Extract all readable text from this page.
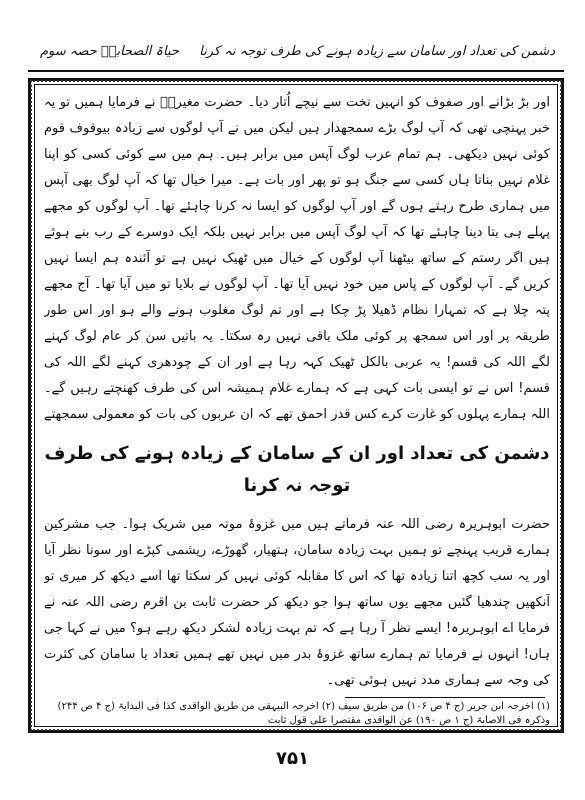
دشمن کی تعداد اور سامان سے زیادہ ہونے کی طرف توجہ نہ کرنا
حیاۃ الصحابہؓ حصہ سوم

اور بڑ بڑانے اور صفوف کو انہیں تخت سے نیچے اُتار دیا۔ حضرت مغیرہؓ نے فرمایا ہمیں تو یہ خبر پہنچی تھی کہ آپ لوگ بڑے سمجھدار ہیں لیکن میں نے آپ لوگوں سے زیادہ بیوقوف قوم کوئی نہیں دیکھی۔ ہم تمام عرب لوگ آپس میں برابر ہیں۔ ہم میں سے کوئی کسی کو اپنا غلام نہیں بناتا ہاں کسی سے جنگ ہو تو پھر اور بات ہے۔ میرا خیال تھا کہ آپ لوگ بھی آپس میں ہماری طرح رہتے ہوں گے اور آپ لوگوں کو ایسا نہ کرنا چاہئے تھا۔ آپ لوگوں کو مجھے پہلے ہی بتا دینا چاہئے تھا کہ آپ لوگ آپس میں برابر نہیں بلکہ ایک دوسرے کے رب بنے ہوئے ہیں اگر رستم کے ساتھ بیٹھنا آپ لوگوں کے خیال میں ٹھیک نہیں ہے تو آئندہ ہم ایسا نہیں کریں گے۔ آپ لوگوں کے پاس میں خود نہیں آیا تھا۔ آپ لوگوں نے بلایا تو میں آیا تھا۔ آج مجھے پتہ چلا ہے کہ تمہارا نظام ڈھیلا پڑ چکا ہے اور تم لوگ مغلوب ہونے والے ہو اور اس طور طریقہ پر اور اس سمجھ پر کوئی ملک باقی نہیں رہ سکتا۔ یہ باتیں سن کر عام لوگ کہنے لگے اللہ کی قسم! یہ عربی بالکل ٹھیک کہہ رہا ہے اور ان کے چودھری کہنے لگے اللہ کی قسم! اس نے تو ایسی بات کہی ہے کہ ہمارے غلام ہمیشہ اس کی طرف کھنچتے رہیں گے۔ اللہ ہمارے پہلوں کو غارت کرے کس قدر احمق تھے کہ ان عربوں کی بات کو معمولی سمجھتے

دشمن کی تعداد اور ان کے سامان کے زیادہ ہونے کی طرف توجہ نہ کرنا

حضرت ابوہریرہ رضی اللہ عنہ فرماتے ہیں میں غزوۂ موتہ میں شریک ہوا۔ جب مشرکین ہمارے قریب پہنچے تو ہمیں بہت زیادہ سامان، ہتھیار، گھوڑے، ریشمی کپڑے اور سونا نظر آیا اور یہ سب کچھ اتنا زیادہ تھا کہ اس کا مقابلہ کوئی نہیں کر سکتا تھا اسے دیکھ کر میری تو آنکھیں چندھیا گئیں مجھے یوں ساتھ ہوا جو دیکھ کر حضرت ثابت بن اقرم رضی اللہ عنہ نے فرمایا اے ابوہریرہ! ایسے نظر آ رہا ہے کہ تم بہت زیادہ لشکر دیکھ رہے ہو؟ میں نے کہا جی ہاں! انہوں نے فرمایا تم ہمارے ساتھ غزوۂ بدر میں نہیں تھے ہمیں تعداد یا سامان کی کثرت کی وجہ سے ہماری مدد نہیں ہوئی تھی۔

(۱) اخرجہ ابن جریر (ج ۴ ص ۱۰۶) من طریق سیف (۲) اخرجہ البیہقی من طریق الواقدی کذا فی البدایۃ (ج ۴ ص ۲۴۴) وذکرہ فی الاصابۃ (ج ۱ ص ۱۹۰) عن الواقدی مقتصرا علی قول ثابت
۷۵۱
